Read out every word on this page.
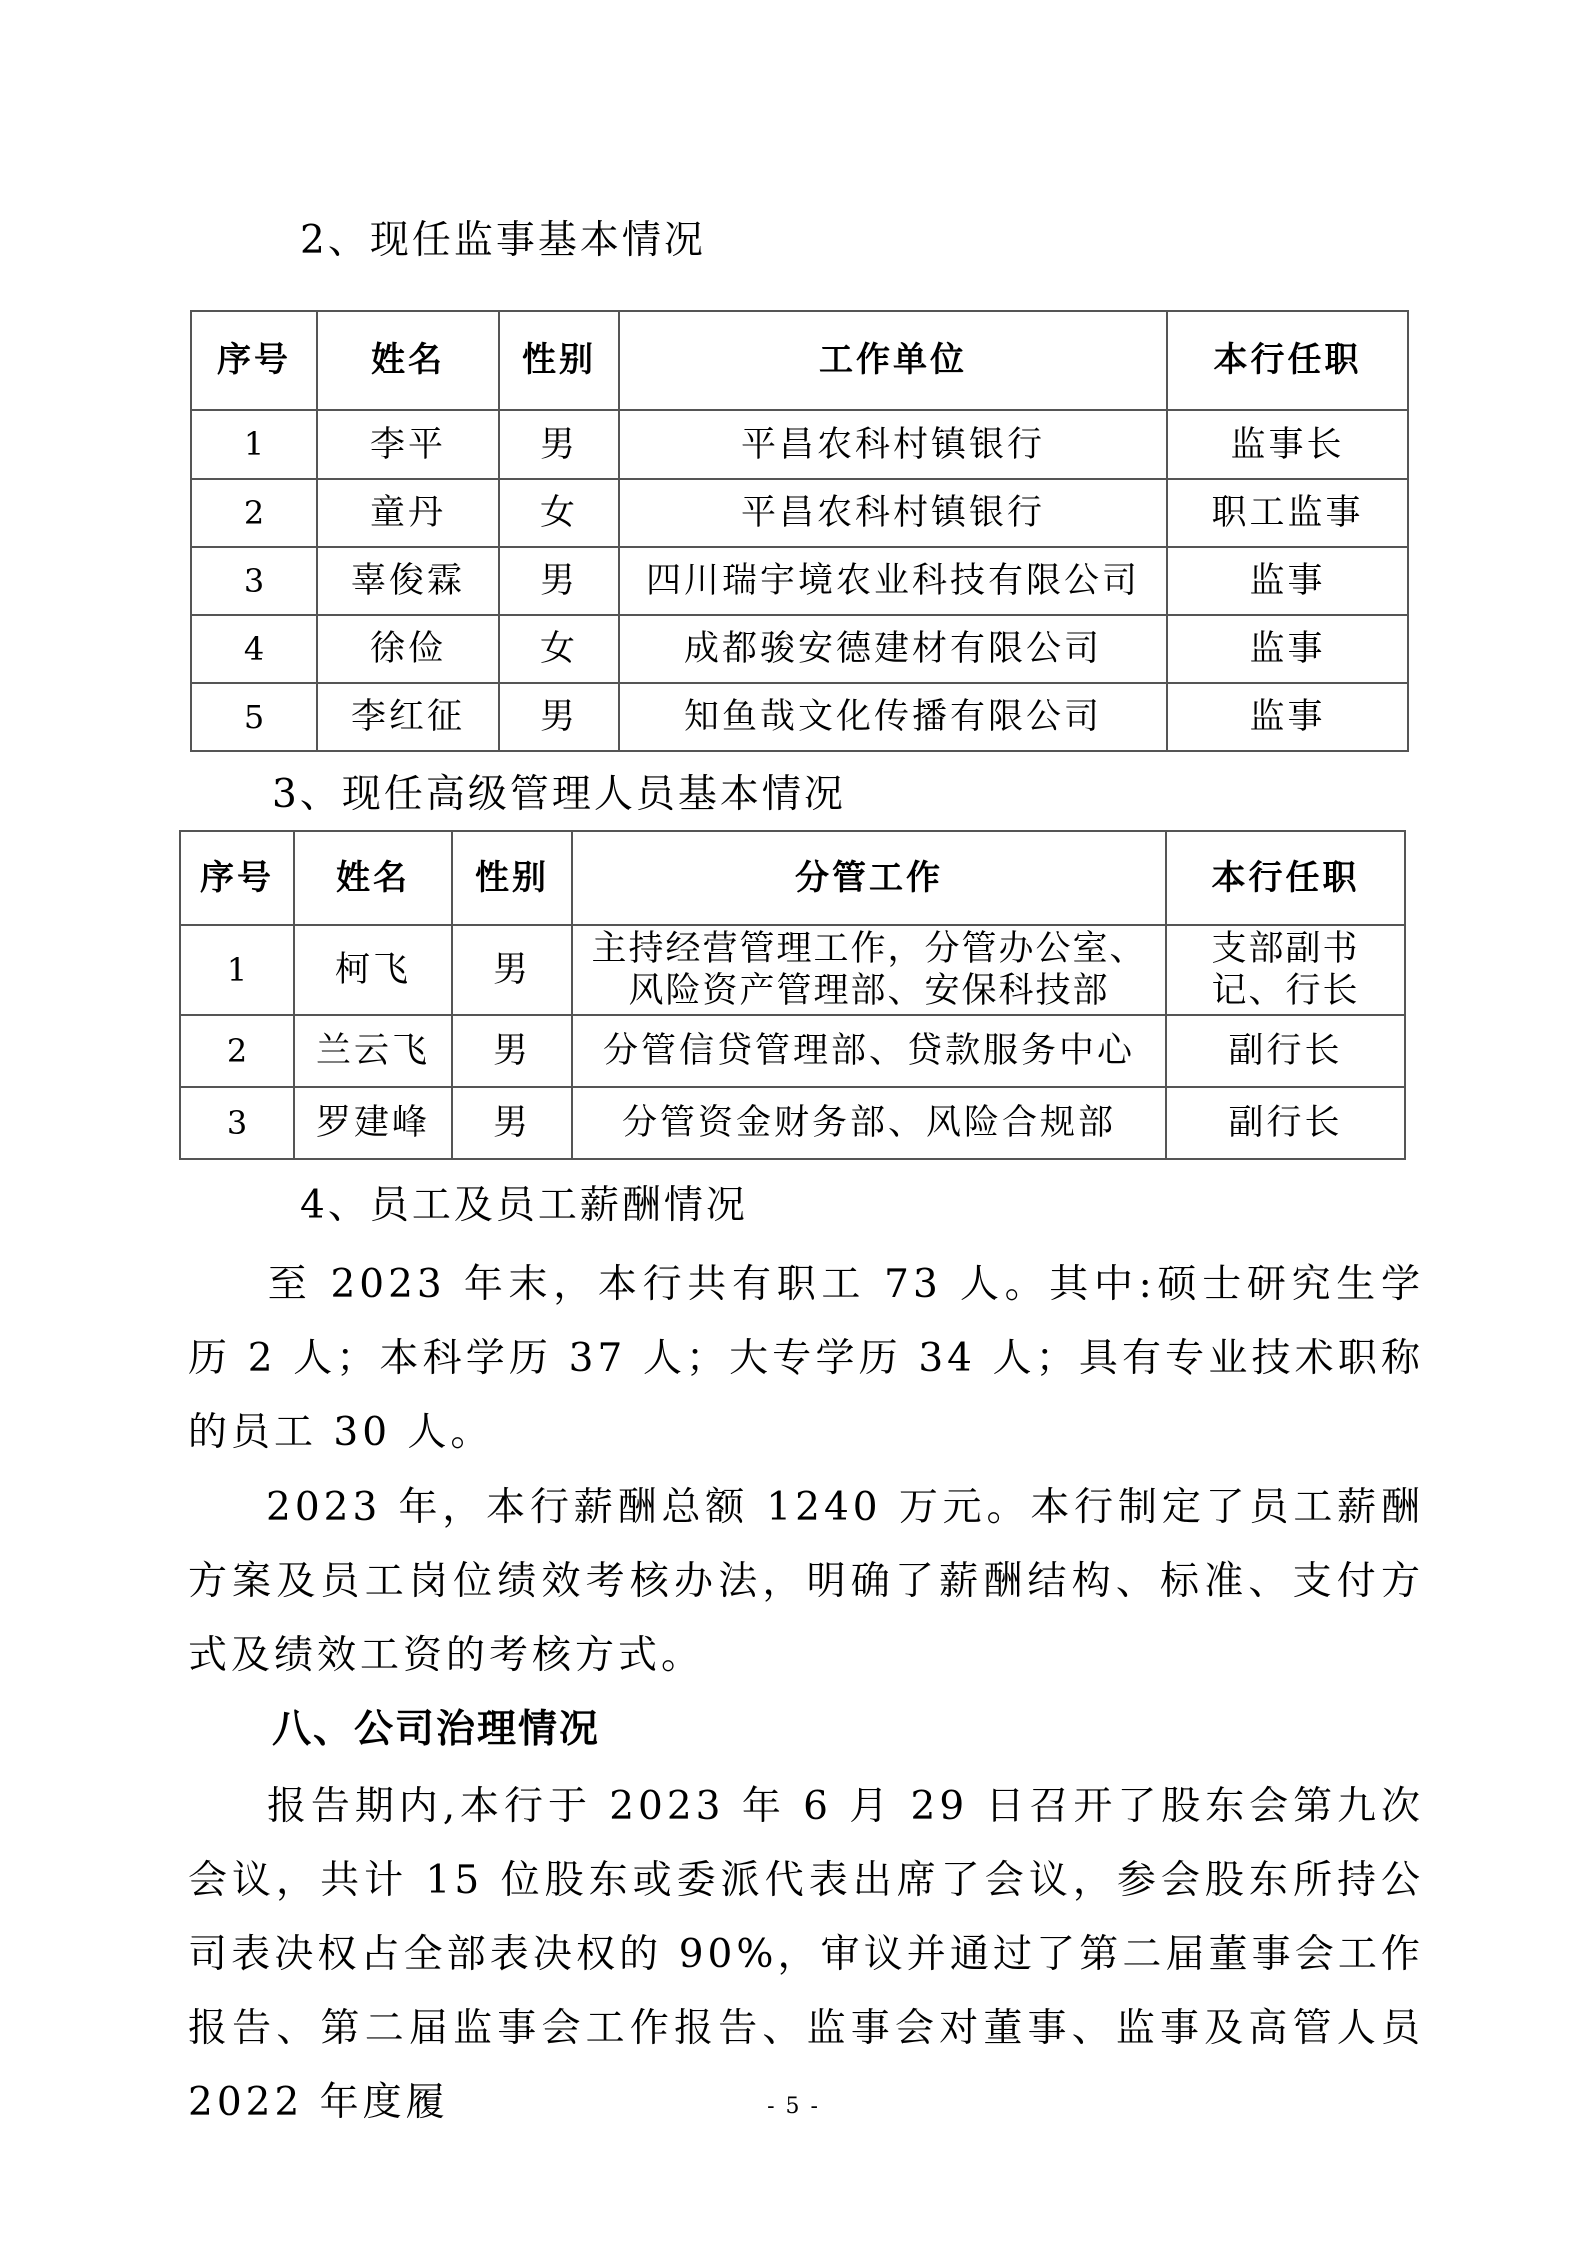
2、现任监事基本情况
序号	姓名	性别	工作单位	本行任职
1	李平	男	平昌农科村镇银行	监事长
2	童丹	女	平昌农科村镇银行	职工监事
3	辜俊霖	男	四川瑞宇境农业科技有限公司	监事
4	徐俭	女	成都骏安德建材有限公司	监事
5	李红征	男	知鱼哉文化传播有限公司	监事
3、现任高级管理人员基本情况
序号	姓名	性别	分管工作	本行任职
1	柯飞	男	主持经营管理工作，分管办公室、风险资产管理部、安保科技部	支部副书记、行长
2	兰云飞	男	分管信贷管理部、贷款服务中心	副行长
3	罗建峰	男	分管资金财务部、风险合规部	副行长
4、员工及员工薪酬情况
至 2023 年末，本行共有职工 73 人。其中:硕士研究生学历 2 人；本科学历 37 人；大专学历 34 人；具有专业技术职称的员工 30 人。
2023 年，本行薪酬总额 1240 万元。本行制定了员工薪酬方案及员工岗位绩效考核办法，明确了薪酬结构、标准、支付方式及绩效工资的考核方式。
八、公司治理情况
报告期内,本行于 2023 年 6 月 29 日召开了股东会第九次会议，共计 15 位股东或委派代表出席了会议，参会股东所持公司表决权占全部表决权的 90%，审议并通过了第二届董事会工作报告、第二届监事会工作报告、监事会对董事、监事及高管人员 2022 年度履	- 5 -
